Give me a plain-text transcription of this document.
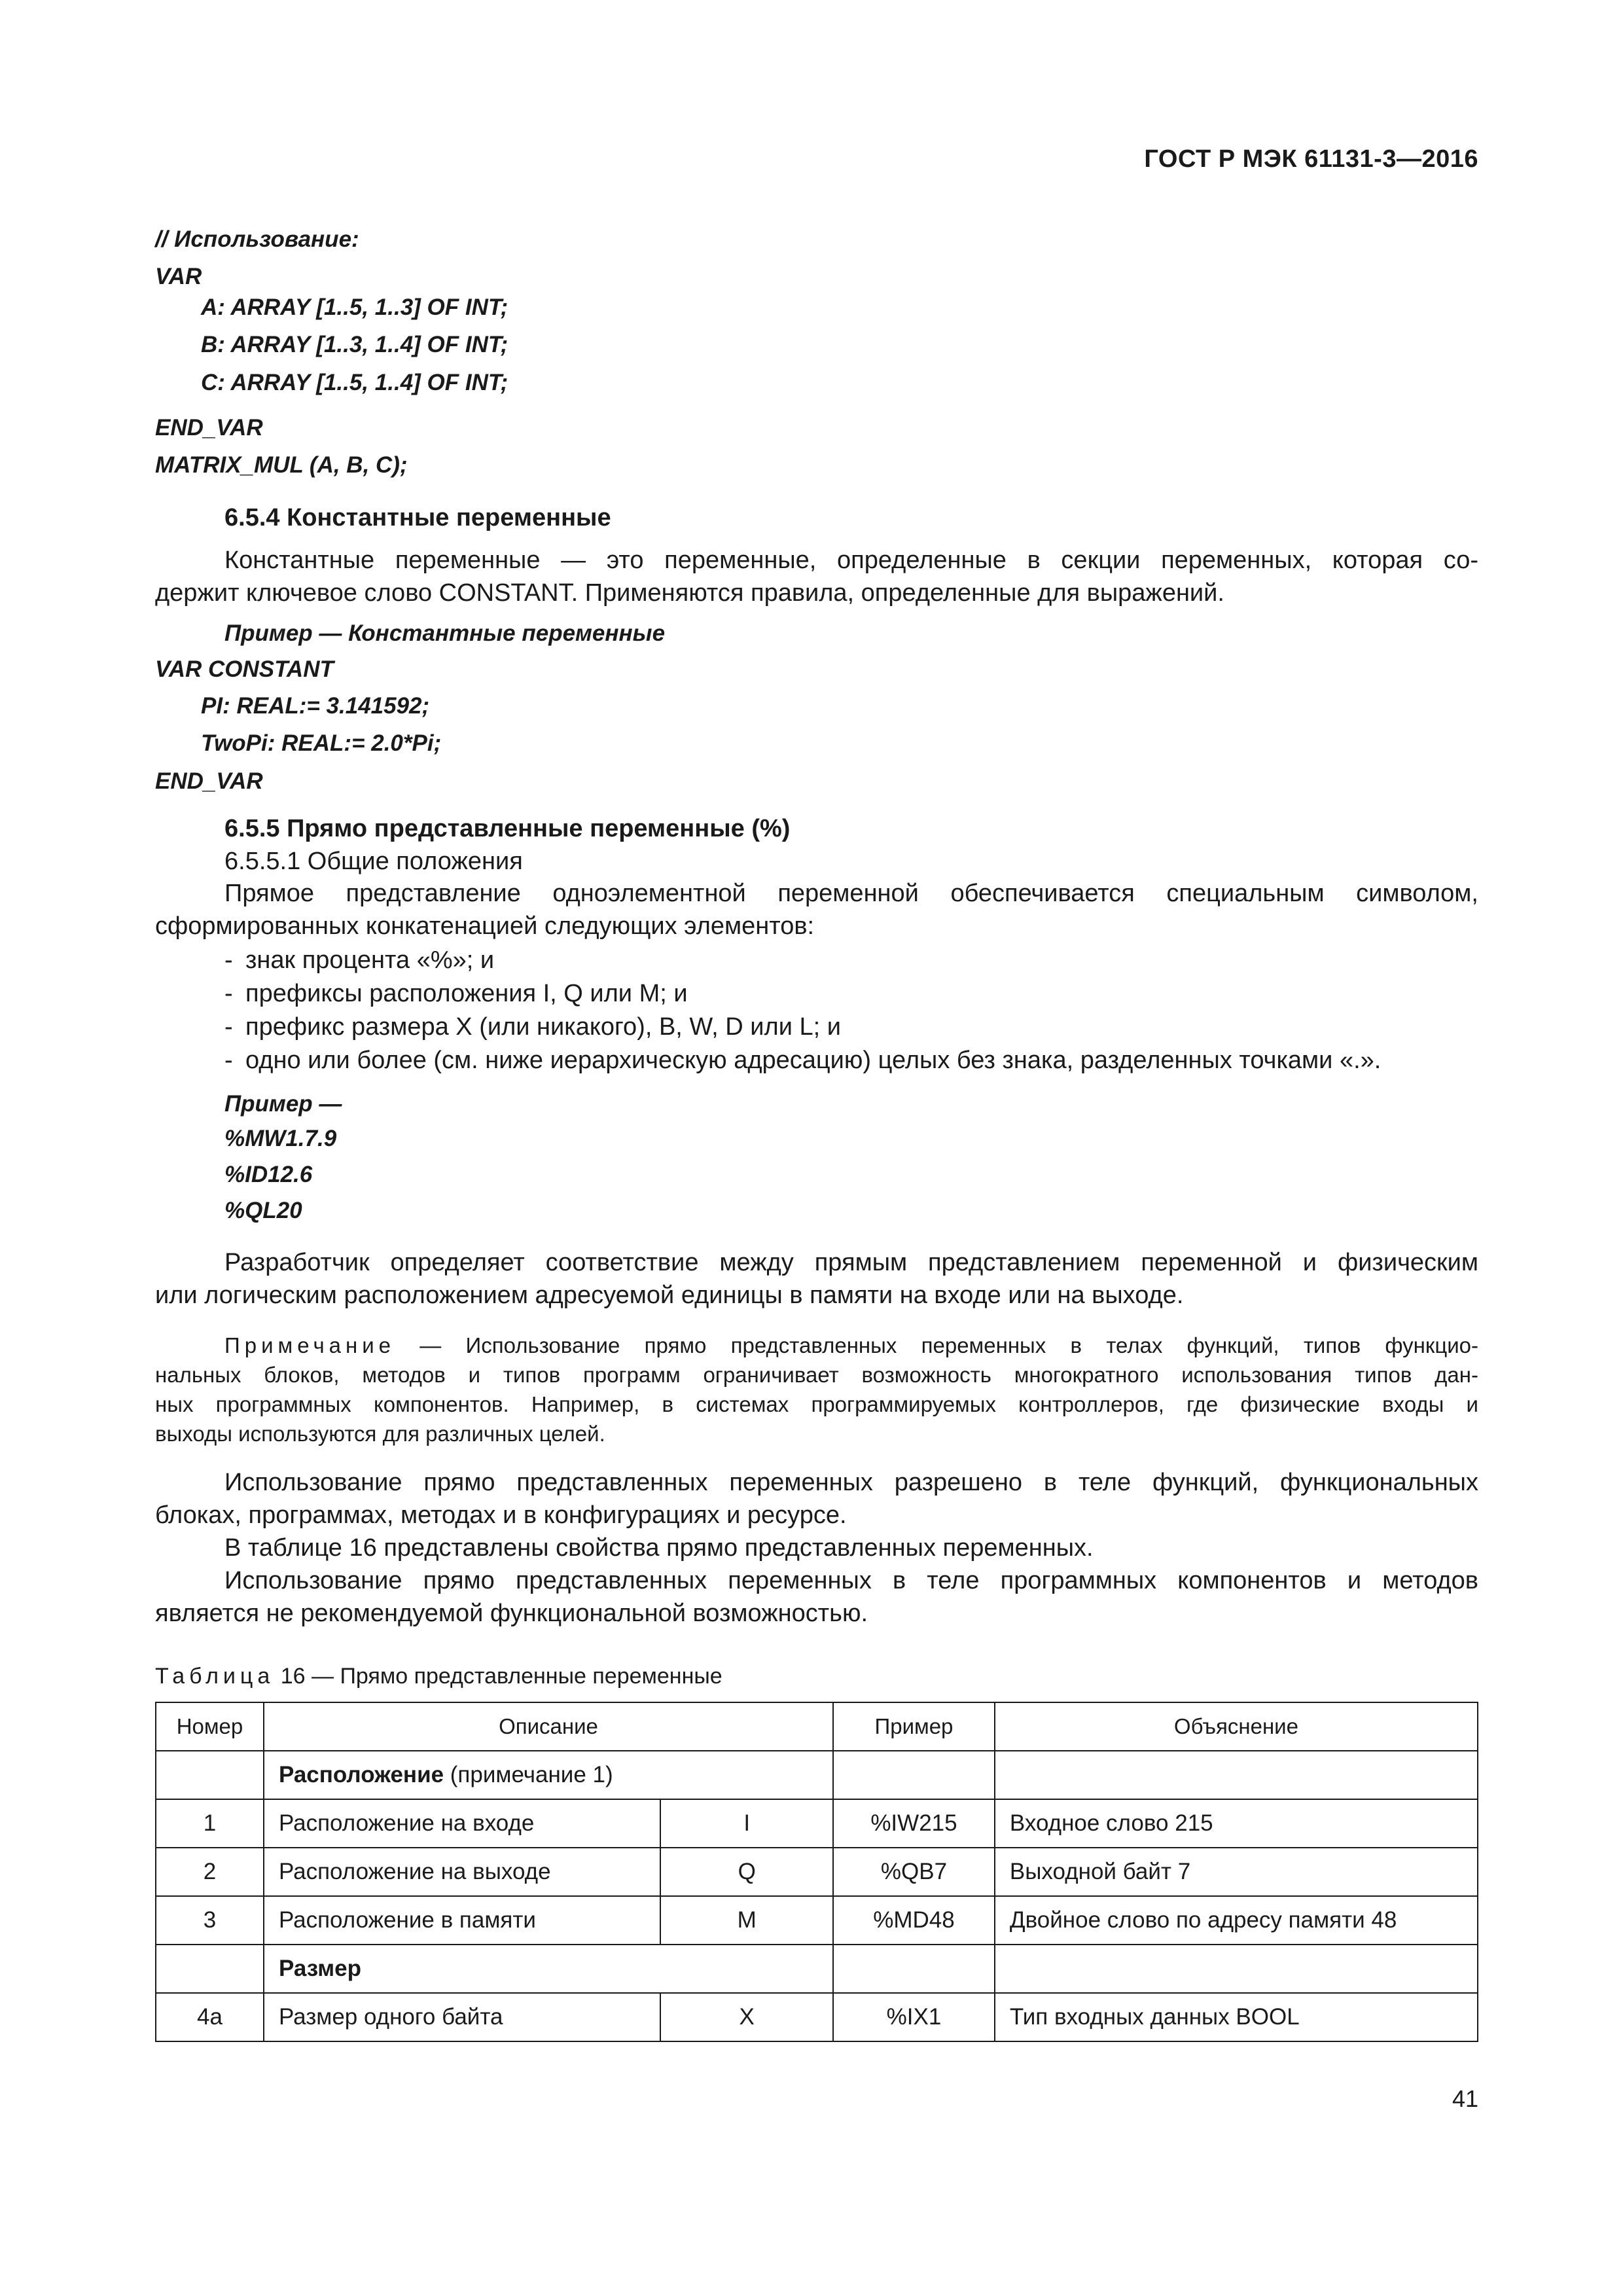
ГОСТ Р МЭК 61131-3—2016
// Использование:
VAR
A: ARRAY [1..5, 1..3] OF INT;
B: ARRAY [1..3, 1..4] OF INT;
C: ARRAY [1..5, 1..4] OF INT;
END_VAR
MATRIX_MUL (A, B, C);
6.5.4 Константные переменные
Константные переменные — это переменные, определенные в секции переменных, которая со-
держит ключевое слово CONSTANT. Применяются правила, определенные для выражений.
Пример — Константные переменные
VAR CONSTANT
PI: REAL:= 3.141592;
TwoPi: REAL:= 2.0*Pi;
END_VAR
6.5.5 Прямо представленные переменные (%)
6.5.5.1 Общие положения
Прямое представление одноэлементной переменной обеспечивается специальным символом,
сформированных конкатенацией следующих элементов:
- знак процента «%»; и
- префиксы расположения I, Q или M; и
- префикс размера X (или никакого), B, W, D или L; и
- одно или более (см. ниже иерархическую адресацию) целых без знака, разделенных точками «.».
Пример —
%MW1.7.9
%ID12.6
%QL20
Разработчик определяет соответствие между прямым представлением переменной и физическим
или логическим расположением адресуемой единицы в памяти на входе или на выходе.
Примечание — Использование прямо представленных переменных в телах функций, типов функцио-
нальных блоков, методов и типов программ ограничивает возможность многократного использования типов дан-
ных программных компонентов. Например, в системах программируемых контроллеров, где физические входы и
выходы используются для различных целей.
Использование прямо представленных переменных разрешено в теле функций, функциональных
блоках, программах, методах и в конфигурациях и ресурсе.
В таблице 16 представлены свойства прямо представленных переменных.
Использование прямо представленных переменных в теле программных компонентов и методов
является не рекомендуемой функциональной возможностью.
Таблица 16 — Прямо представленные переменные
Номер	Описание		Пример	Объяснение
	Расположение (примечание 1)			
1	Расположение на входе	I	%IW215	Входное слово 215
2	Расположение на выходе	Q	%QB7	Выходной байт 7
3	Расположение в памяти	M	%MD48	Двойное слово по адресу памяти 48
	Размер			
4a	Размер одного байта	X	%IX1	Тип входных данных BOOL
41
